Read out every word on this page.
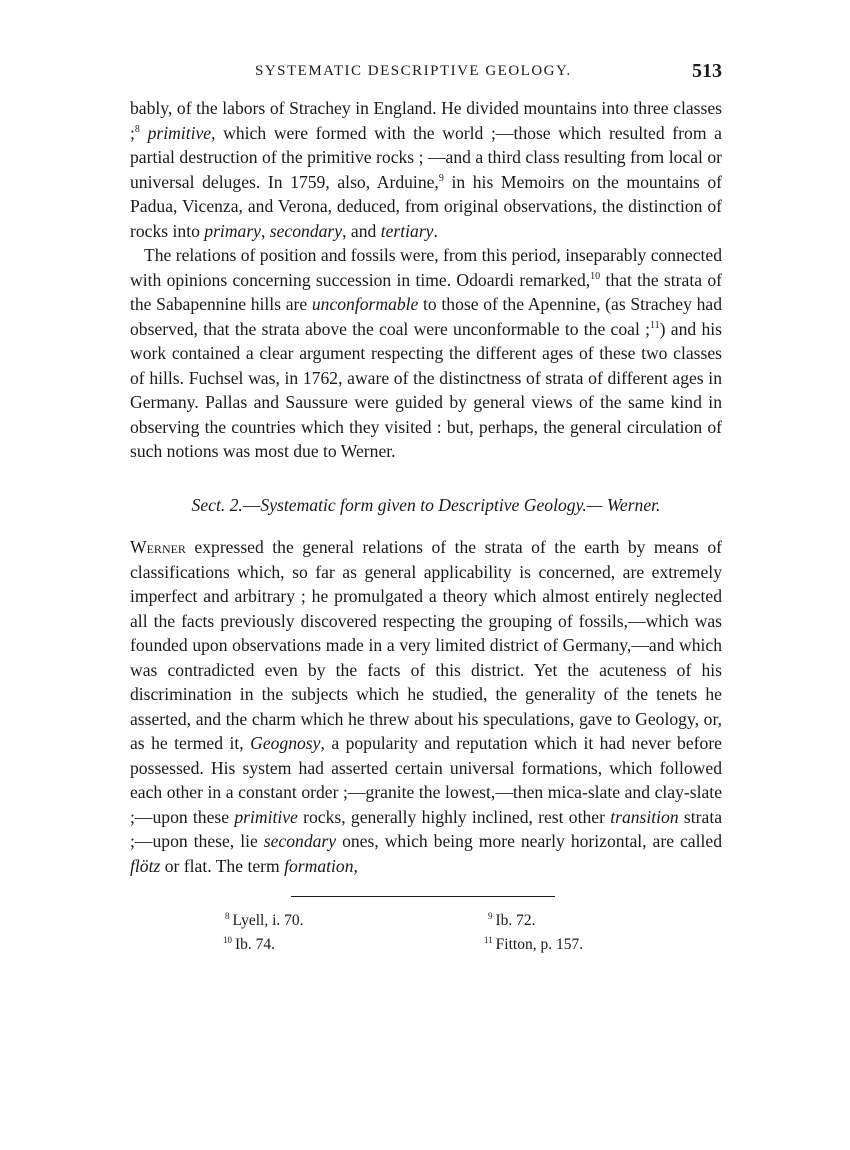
SYSTEMATIC DESCRIPTIVE GEOLOGY.	513

bably, of the labors of Strachey in England. He divided mountains into three classes ;$^8$ primitive, which were formed with the world ;—those which resulted from a partial destruction of the primitive rocks ; —and a third class resulting from local or universal deluges. In 1759, also, Arduine,$^9$ in his Memoirs on the mountains of Padua, Vicenza, and Verona, deduced, from original observations, the distinction of rocks into primary, secondary, and tertiary.

The relations of position and fossils were, from this period, inseparably connected with opinions concerning succession in time. Odoardi remarked,$^{10}$ that the strata of the Sabapennine hills are unconformable to those of the Apennine, (as Strachey had observed, that the strata above the coal were unconformable to the coal ;$^{11}$) and his work contained a clear argument respecting the different ages of these two classes of hills. Fuchsel was, in 1762, aware of the distinctness of strata of different ages in Germany. Pallas and Saussure were guided by general views of the same kind in observing the countries which they visited : but, perhaps, the general circulation of such notions was most due to Werner.

Sect. 2.—Systematic form given to Descriptive Geology.— Werner.

Werner expressed the general relations of the strata of the earth by means of classifications which, so far as general applicability is concerned, are extremely imperfect and arbitrary ; he promulgated a theory which almost entirely neglected all the facts previously discovered respecting the grouping of fossils,—which was founded upon observations made in a very limited district of Germany,—and which was contradicted even by the facts of this district. Yet the acuteness of his discrimination in the subjects which he studied, the generality of the tenets he asserted, and the charm which he threw about his speculations, gave to Geology, or, as he termed it, Geognosy, a popularity and reputation which it had never before possessed. His system had asserted certain universal formations, which followed each other in a constant order ;—granite the lowest,—then mica-slate and clay-slate ;—upon these primitive rocks, generally highly inclined, rest other transition strata ;—upon these, lie secondary ones, which being more nearly horizontal, are called flötz or flat. The term formation,

$^8$ Lyell, i. 70.	$^9$ Ib. 72.
$^{10}$ Ib. 74.	$^{11}$ Fitton, p. 157.
